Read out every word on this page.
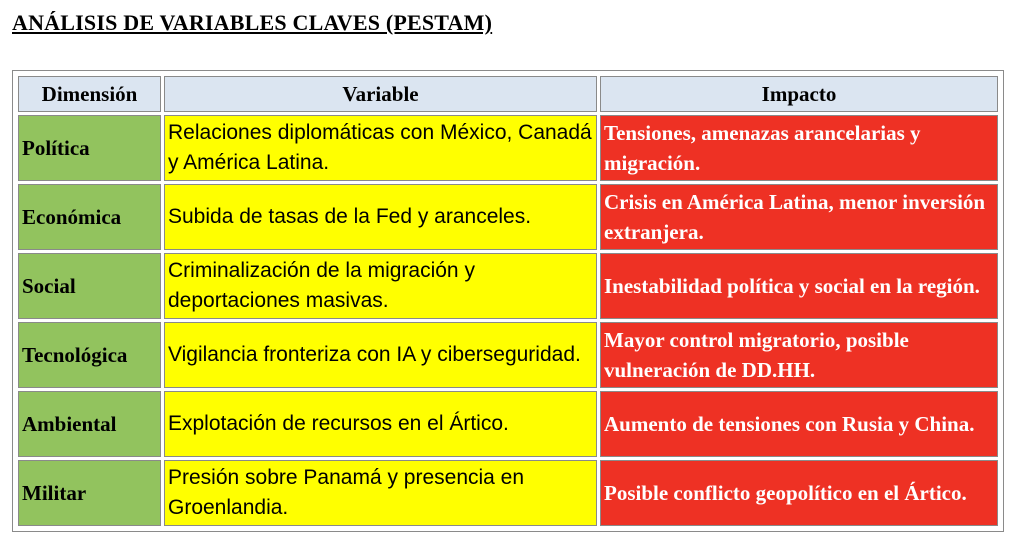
ANÁLISIS DE VARIABLES CLAVES (PESTAM)
Dimensión	Variable	Impacto
Política	Relaciones diplomáticas con México, Canadá y América Latina.	Tensiones, amenazas arancelarias y migración.
Económica	Subida de tasas de la Fed y aranceles.	Crisis en América Latina, menor inversión extranjera.
Social	Criminalización de la migración y deportaciones masivas.	Inestabilidad política y social en la región.
Tecnológica	Vigilancia fronteriza con IA y ciberseguridad.	Mayor control migratorio, posible vulneración de DD.HH.
Ambiental	Explotación de recursos en el Ártico.	Aumento de tensiones con Rusia y China.
Militar	Presión sobre Panamá y presencia en Groenlandia.	Posible conflicto geopolítico en el Ártico.
